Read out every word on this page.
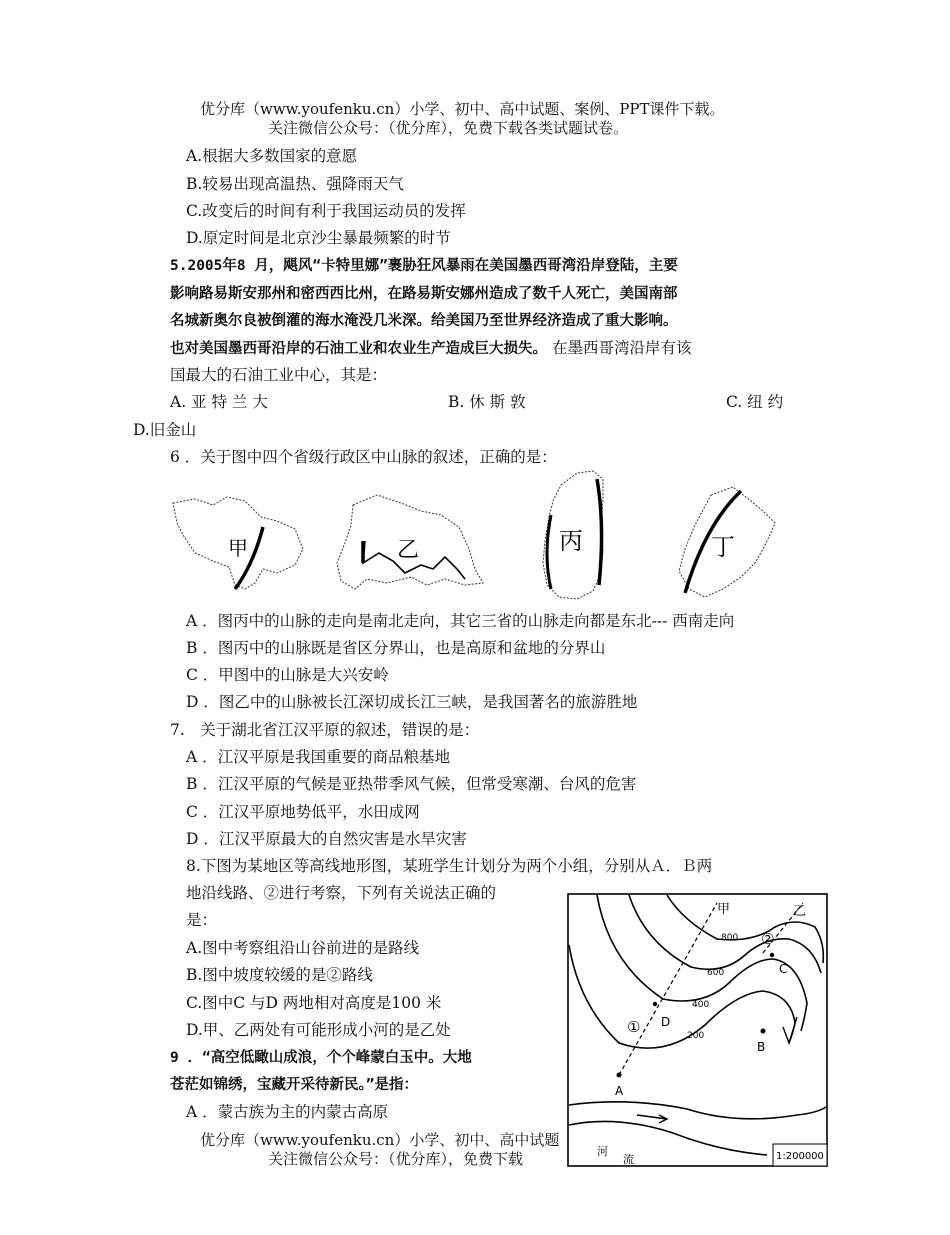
优分库（www.youfenku.cn）小学、初中、高中试题、案例、PPT课件下载。
关注微信公众号：（优分库），免费下载各类试题试卷。
A.根据大多数国家的意愿
B.较易出现高温热、强降雨天气
C.改变后的时间有利于我国运动员的发挥
D.原定时间是北京沙尘暴最频繁的时节
5.2005年8 月，飓风“卡特里娜”裹胁狂风暴雨在美国墨西哥湾沿岸登陆，主要
影响路易斯安那州和密西西比州，在路易斯安娜州造成了数千人死亡，美国南部
名城新奥尔良被倒灌的海水淹没几米深。给美国乃至世界经济造成了重大影响。
也对美国墨西哥沿岸的石油工业和农业生产造成巨大损失。 在墨西哥湾沿岸有该
国最大的石油工业中心，其是：
A. 亚 特 兰 大	B. 休 斯 敦	C. 纽 约
D.旧金山
6 ．关于图中四个省级行政区中山脉的叙述，正确的是：
甲	乙	丙	丁
A ．图丙中的山脉的走向是南北走向，其它三省的山脉走向都是东北--- 西南走向
B ．图丙中的山脉既是省区分界山，也是高原和盆地的分界山
C ．甲图中的山脉是大兴安岭
D ．图乙中的山脉被长江深切成长江三峡，是我国著名的旅游胜地
7.　关于湖北省江汉平原的叙述，错误的是：
A ．江汉平原是我国重要的商品粮基地
B ．江汉平原的气候是亚热带季风气候，但常受寒潮、台风的危害
C ．江汉平原地势低平，水田成网
D ．江汉平原最大的自然灾害是水旱灾害
8.下图为某地区等高线地形图，某班学生计划分为两个小组，分别从Ａ．Ｂ两
地沿线路、②进行考察，下列有关说法正确的
是：
A.图中考察组沿山谷前进的是路线
B.图中坡度较缓的是②路线
C.图中C 与D 两地相对高度是100 米
D.甲、乙两处有可能形成小河的是乙处
甲	乙
800
600
400
200
②
①
C
D
B
A
河
流	1:200000
9 ．“高空低瞰山成浪，个个峰蒙白玉中。大地
苍茫如锦绣，宝藏开采待新民。”是指：
A ．蒙古族为主的内蒙古高原
优分库（www.youfenku.cn）小学、初中、高中试题
关注微信公众号：（优分库），免费下载
